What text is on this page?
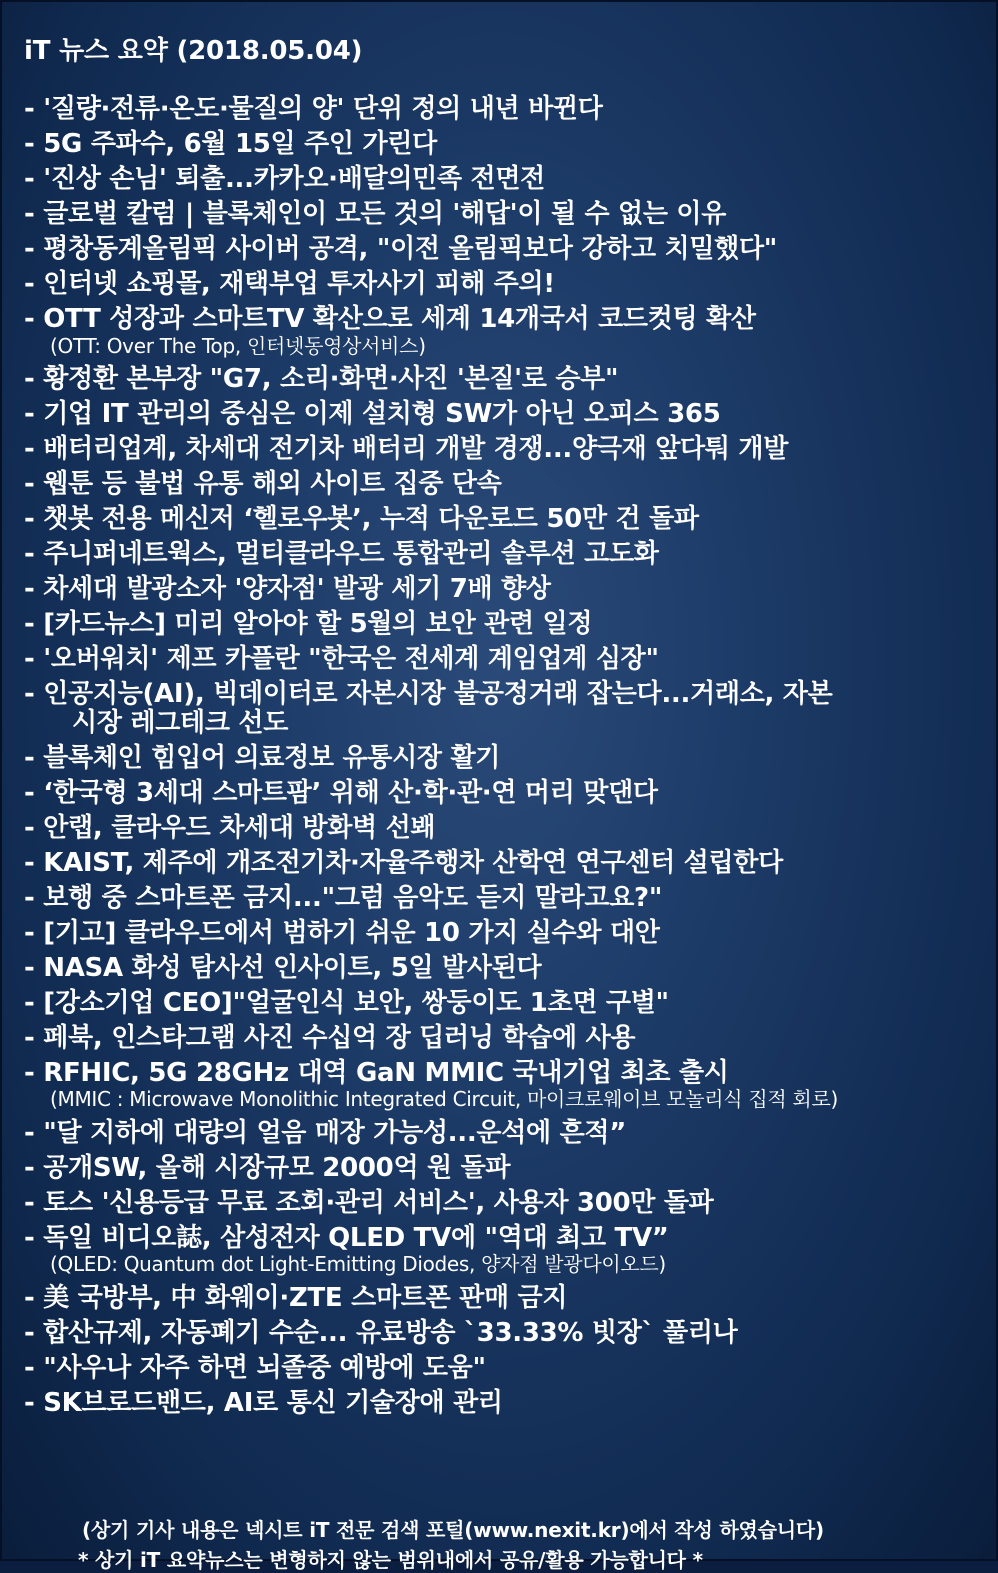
iT 뉴스 요약 (2018.05.04)
- '질량·전류·온도·물질의 양' 단위 정의 내년 바뀐다
- 5G 주파수, 6월 15일 주인 가린다
- '진상 손님' 퇴출...카카오·배달의민족 전면전
- 글로벌 칼럼 | 블록체인이 모든 것의 '해답'이 될 수 없는 이유
- 평창동계올림픽 사이버 공격, "이전 올림픽보다 강하고 치밀했다"
- 인터넷 쇼핑몰, 재택부업 투자사기 피해 주의!
- OTT 성장과 스마트TV 확산으로 세계 14개국서 코드컷팅 확산
(OTT: Over The Top, 인터넷동영상서비스)
- 황정환 본부장 "G7, 소리·화면·사진 '본질'로 승부"
- 기업 IT 관리의 중심은 이제 설치형 SW가 아닌 오피스 365
- 배터리업계, 차세대 전기차 배터리 개발 경쟁...양극재 앞다퉈 개발
- 웹툰 등 불법 유통 해외 사이트 집중 단속
- 챗봇 전용 메신저 ‘헬로우봇’, 누적 다운로드 50만 건 돌파
- 주니퍼네트웍스, 멀티클라우드 통합관리 솔루션 고도화
- 차세대 발광소자 '양자점' 발광 세기 7배 향상
- [카드뉴스] 미리 알아야 할 5월의 보안 관련 일정
- '오버워치' 제프 카플란 "한국은 전세계 계임업계 심장"
- 인공지능(AI), 빅데이터로 자본시장 불공정거래 잡는다...거래소, 자본
시장 레그테크 선도
- 블록체인 힘입어 의료정보 유통시장 활기
- ‘한국형 3세대 스마트팜’ 위해 산·학·관·연 머리 맞댄다
- 안랩, 클라우드 차세대 방화벽 선봬
- KAIST, 제주에 개조전기차·자율주행차 산학연 연구센터 설립한다
- 보행 중 스마트폰 금지..."그럼 음악도 듣지 말라고요?"
- [기고] 클라우드에서 범하기 쉬운 10 가지 실수와 대안
- NASA 화성 탐사선 인사이트, 5일 발사된다
- [강소기업 CEO]"얼굴인식 보안, 쌍둥이도 1초면 구별"
- 페북, 인스타그램 사진 수십억 장 딥러닝 학습에 사용
- RFHIC, 5G 28GHz 대역 GaN MMIC 국내기업 최초 출시
(MMIC : Microwave Monolithic Integrated Circuit, 마이크로웨이브 모놀리식 집적 회로)
- "달 지하에 대량의 얼음 매장 가능성...운석에 흔적”
- 공개SW, 올해 시장규모 2000억 원 돌파
- 토스 '신용등급 무료 조회·관리 서비스', 사용자 300만 돌파
- 독일 비디오誌, 삼성전자 QLED TV에 "역대 최고 TV”
(QLED: Quantum dot Light-Emitting Diodes, 양자점 발광다이오드)
- 美 국방부, 中 화웨이·ZTE 스마트폰 판매 금지
- 합산규제, 자동폐기 수순... 유료방송 `33.33% 빗장` 풀리나
- "사우나 자주 하면 뇌졸중 예방에 도움"
- SK브로드밴드, AI로 통신 기술장애 관리
(상기 기사 내용은 넥시트 iT 전문 검색 포털(www.nexit.kr)에서 작성 하였습니다)
* 상기 iT 요약뉴스는 변형하지 않는 범위내에서 공유/활용 가능합니다 *
